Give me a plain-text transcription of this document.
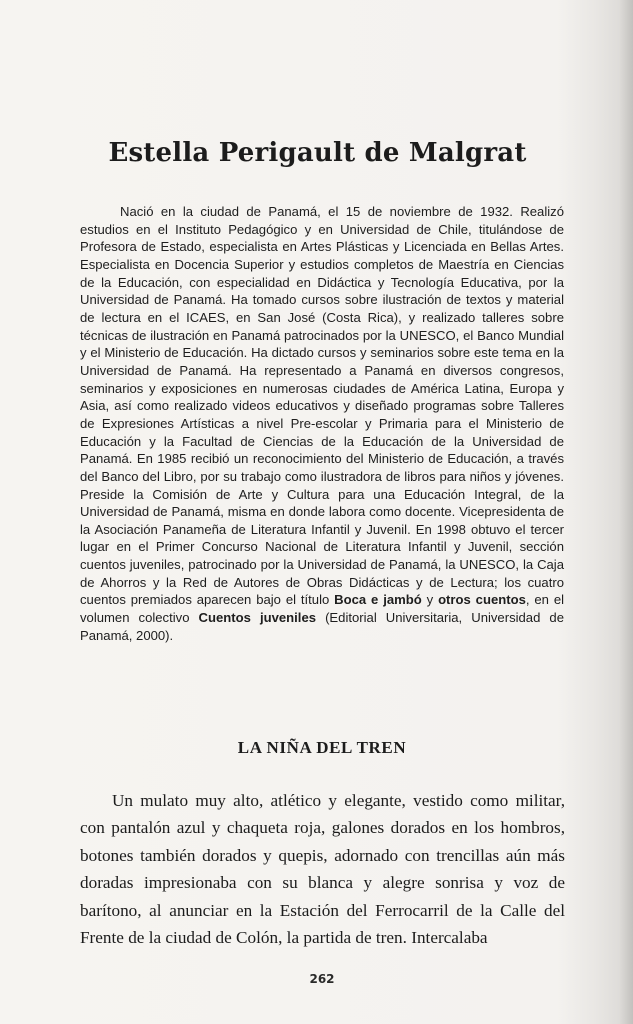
Estella Perigault de Malgrat

Nació en la ciudad de Panamá, el 15 de noviembre de 1932. Realizó estudios en el Instituto Pedagógico y en Universidad de Chile, titulándose de Profesora de Estado, especialista en Artes Plásticas y Licenciada en Bellas Artes. Especialista en Docencia Superior y estudios completos de Maestría en Ciencias de la Educación, con especialidad en Didáctica y Tecnología Educativa, por la Universidad de Panamá. Ha tomado cursos sobre ilustración de textos y material de lectura en el ICAES, en San José (Costa Rica), y realizado talleres sobre técnicas de ilustración en Panamá patrocinados por la UNESCO, el Banco Mundial y el Ministerio de Educación. Ha dictado cursos y seminarios sobre este tema en la Universidad de Panamá. Ha representado a Panamá en diversos congresos, seminarios y exposiciones en numerosas ciudades de América Latina, Europa y Asia, así como realizado videos educativos y diseñado programas sobre Talleres de Expresiones Artísticas a nivel Pre-escolar y Primaria para el Ministerio de Educación y la Facultad de Ciencias de la Educación de la Universidad de Panamá. En 1985 recibió un reconocimiento del Ministerio de Educación, a través del Banco del Libro, por su trabajo como ilustradora de libros para niños y jóvenes. Preside la Comisión de Arte y Cultura para una Educación Integral, de la Universidad de Panamá, misma en donde labora como docente. Vicepresidenta de la Asociación Panameña de Literatura Infantil y Juvenil. En 1998 obtuvo el tercer lugar en el Primer Concurso Nacional de Literatura Infantil y Juvenil, sección cuentos juveniles, patrocinado por la Universidad de Panamá, la UNESCO, la Caja de Ahorros y la Red de Autores de Obras Didácticas y de Lectura; los cuatro cuentos premiados aparecen bajo el título Boca e jambó y otros cuentos, en el volumen colectivo Cuentos juveniles (Editorial Universitaria, Universidad de Panamá, 2000).

LA NIÑA DEL TREN

Un mulato muy alto, atlético y elegante, vestido como militar, con pantalón azul y chaqueta roja, galones dorados en los hombros, botones también dorados y quepis, adornado con trencillas aún más doradas impresionaba con su blanca y alegre sonrisa y voz de barítono, al anunciar en la Estación del Ferrocarril de la Calle del Frente de la ciudad de Colón, la partida de tren. Intercalaba

262
